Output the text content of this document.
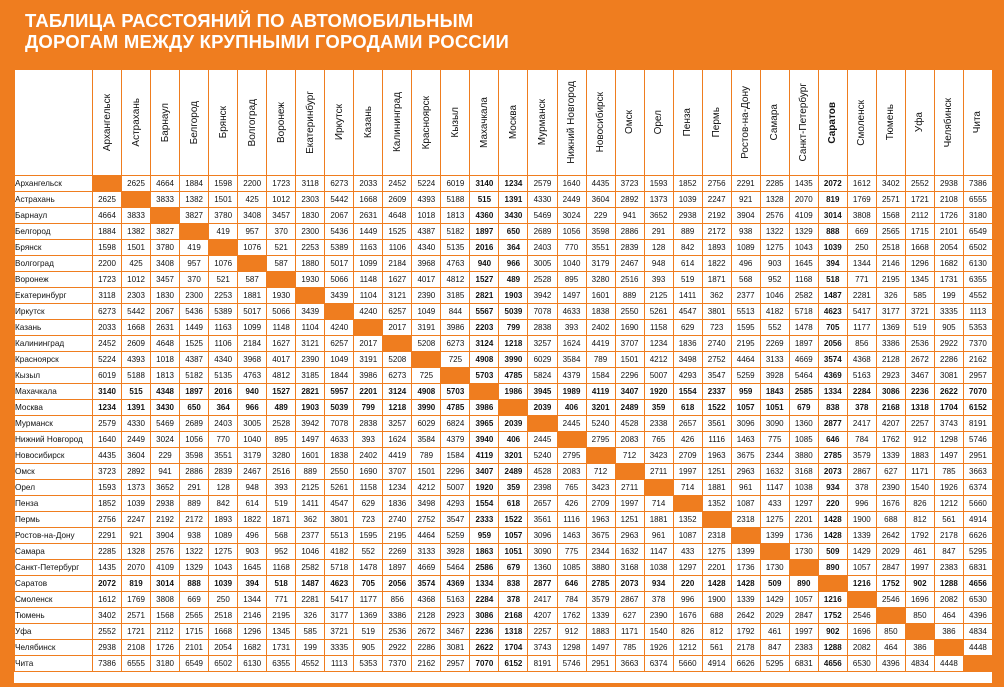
ТАБЛИЦА РАССТОЯНИЙ ПО АВТОМОБИЛЬНЫМ
ДОРОГАМ МЕЖДУ КРУПНЫМИ ГОРОДАМИ РОССИИ

	Архангельск	Астрахань	Барнаул	Белгород	Брянск	Волгоград	Воронеж	Екатеринбург	Иркутск	Казань	Калининград	Красноярск	Кызыл	Махачкала	Москва	Мурманск	Нижний Новгород	Новосибирск	Омск	Орел	Пенза	Пермь	Ростов-на-Дону	Самара	Санкт-Петербург	Саратов	Смоленск	Тюмень	Уфа	Челябинск	Чита

Архангельск		2625	4664	1884	1598	2200	1723	3118	6273	2033	2452	5224	6019	3140	1234	2579	1640	4435	3723	1593	1852	2756	2291	2285	1435	2072	1612	3402	2552	2938	7386
Астрахань	2625		3833	1382	1501	425	1012	2303	5442	1668	2609	4393	5188	515	1391	4330	2449	3604	2892	1373	1039	2247	921	1328	2070	819	1769	2571	1721	2108	6555
Барнаул	4664	3833		3827	3780	3408	3457	1830	2067	2631	4648	1018	1813	4360	3430	5469	3024	229	941	3652	2938	2192	3904	2576	4109	3014	3808	1568	2112	1726	3180
Белгород	1884	1382	3827		419	957	370	2300	5436	1449	1525	4387	5182	1897	650	2689	1056	3598	2886	291	889	2172	938	1322	1329	888	669	2565	1715	2101	6549
Брянск	1598	1501	3780	419		1076	521	2253	5389	1163	1106	4340	5135	2016	364	2403	770	3551	2839	128	842	1893	1089	1275	1043	1039	250	2518	1668	2054	6502
Волгоград	2200	425	3408	957	1076		587	1880	5017	1099	2184	3968	4763	940	966	3005	1040	3179	2467	948	614	1822	496	903	1645	394	1344	2146	1296	1682	6130
Воронеж	1723	1012	3457	370	521	587		1930	5066	1148	1627	4017	4812	1527	489	2528	895	3280	2516	393	519	1871	568	952	1168	518	771	2195	1345	1731	6355
Екатеринбург	3118	2303	1830	2300	2253	1881	1930		3439	1104	3121	2390	3185	2821	1903	3942	1497	1601	889	2125	1411	362	2377	1046	2582	1487	2281	326	585	199	4552
Иркутск	6273	5442	2067	5436	5389	5017	5066	3439		4240	6257	1049	844	5567	5039	7078	4633	1838	2550	5261	4547	3801	5513	4182	5718	4623	5417	3177	3721	3335	1113
Казань	2033	1668	2631	1449	1163	1099	1148	1104	4240		2017	3191	3986	2203	799	2838	393	2402	1690	1158	629	723	1595	552	1478	705	1177	1369	519	905	5353
Калининград	2452	2609	4648	1525	1106	2184	1627	3121	6257	2017		5208	6273	3124	1218	3257	1624	4419	3707	1234	1836	2740	2195	2269	1897	2056	856	3386	2536	2922	7370
Красноярск	5224	4393	1018	4387	4340	3968	4017	2390	1049	3191	5208		725	4908	3990	6029	3584	789	1501	4212	3498	2752	4464	3133	4669	3574	4368	2128	2672	2286	2162
Кызыл	6019	5188	1813	5182	5135	4763	4812	3185	1844	3986	6273	725		5703	4785	5824	4379	1584	2296	5007	4293	3547	5259	3928	5464	4369	5163	2923	3467	3081	2957
Махачкала	3140	515	4348	1897	2016	940	1527	2821	5957	2201	3124	4908	5703		1986	3945	1989	4119	3407	1920	1554	2337	959	1843	2585	1334	2284	3086	2236	2622	7070
Москва	1234	1391	3430	650	364	966	489	1903	5039	799	1218	3990	4785	3986		2039	406	3201	2489	359	618	1522	1057	1051	679	838	378	2168	1318	1704	6152
Мурманск	2579	4330	5469	2689	2403	3005	2528	3942	7078	2838	3257	6029	6824	3965	2039		2445	5240	4528	2338	2657	3561	3096	3090	1360	2877	2417	4207	2257	3743	8191
Нижний Новгород	1640	2449	3024	1056	770	1040	895	1497	4633	393	1624	3584	4379	3940	406	2445		2795	2083	765	426	1116	1463	775	1085	646	784	1762	912	1298	5746
Новосибирск	4435	3604	229	3598	3551	3179	3280	1601	1838	2402	4419	789	1584	4119	3201	5240	2795		712	3423	2709	1963	3675	2344	3880	2785	3579	1339	1883	1497	2951
Омск	3723	2892	941	2886	2839	2467	2516	889	2550	1690	3707	1501	2296	3407	2489	4528	2083	712		2711	1997	1251	2963	1632	3168	2073	2867	627	1171	785	3663
Орел	1593	1373	3652	291	128	948	393	2125	5261	1158	1234	4212	5007	1920	359	2398	765	3423	2711		714	1881	961	1147	1038	934	378	2390	1540	1926	6374
Пенза	1852	1039	2938	889	842	614	519	1411	4547	629	1836	3498	4293	1554	618	2657	426	2709	1997	714		1352	1087	433	1297	220	996	1676	826	1212	5660
Пермь	2756	2247	2192	2172	1893	1822	1871	362	3801	723	2740	2752	3547	2333	1522	3561	1116	1963	1251	1881	1352		2318	1275	2201	1428	1900	688	812	561	4914
Ростов-на-Дону	2291	921	3904	938	1089	496	568	2377	5513	1595	2195	4464	5259	959	1057	3096	1463	3675	2963	961	1087	2318		1399	1736	1428	1339	2642	1792	2178	6626
Самара	2285	1328	2576	1322	1275	903	952	1046	4182	552	2269	3133	3928	1863	1051	3090	775	2344	1632	1147	433	1275	1399		1730	509	1429	2029	461	847	5295
Санкт-Петербург	1435	2070	4109	1329	1043	1645	1168	2582	5718	1478	1897	4669	5464	2586	679	1360	1085	3880	3168	1038	1297	2201	1736	1730		890	1057	2847	1997	2383	6831
Саратов	2072	819	3014	888	1039	394	518	1487	4623	705	2056	3574	4369	1334	838	2877	646	2785	2073	934	220	1428	1428	509	890		1216	1752	902	1288	4656
Смоленск	1612	1769	3808	669	250	1344	771	2281	5417	1177	856	4368	5163	2284	378	2417	784	3579	2867	378	996	1900	1339	1429	1057	1216		2546	1696	2082	6530
Тюмень	3402	2571	1568	2565	2518	2146	2195	326	3177	1369	3386	2128	2923	3086	2168	4207	1762	1339	627	2390	1676	688	2642	2029	2847	1752	2546		850	464	4396
Уфа	2552	1721	2112	1715	1668	1296	1345	585	3721	519	2536	2672	3467	2236	1318	2257	912	1883	1171	1540	826	812	1792	461	1997	902	1696	850		386	4834
Челябинск	2938	2108	1726	2101	2054	1682	1731	199	3335	905	2922	2286	3081	2622	1704	3743	1298	1497	785	1926	1212	561	2178	847	2383	1288	2082	464	386		4448
Чита	7386	6555	3180	6549	6502	6130	6355	4552	1113	5353	7370	2162	2957	7070	6152	8191	5746	2951	3663	6374	5660	4914	6626	5295	6831	4656	6530	4396	4834	4448	
